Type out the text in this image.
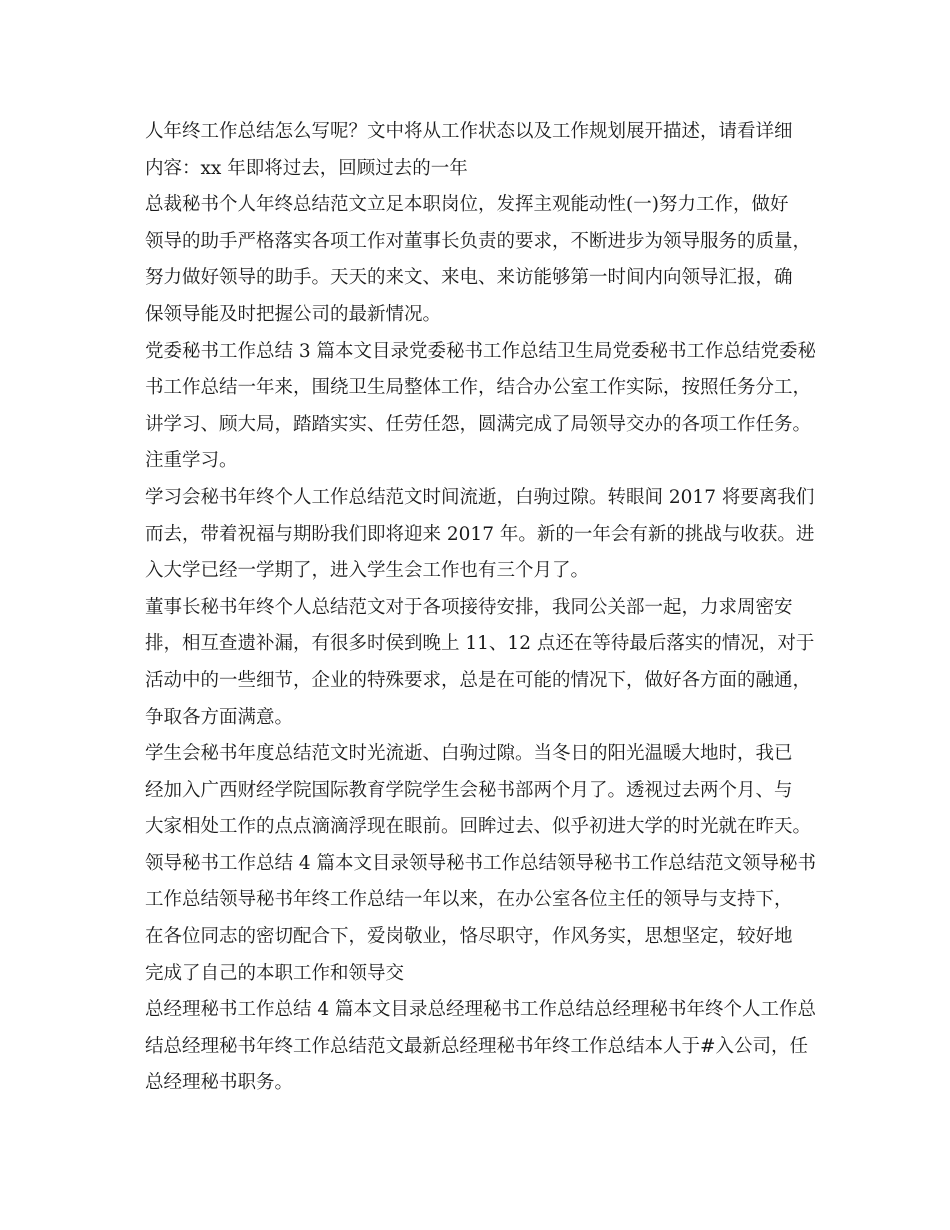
人年终工作总结怎么写呢？文中将从工作状态以及工作规划展开描述，请看详细
内容：xx 年即将过去，回顾过去的一年
总裁秘书个人年终总结范文立足本职岗位，发挥主观能动性(一)努力工作，做好
领导的助手严格落实各项工作对董事长负责的要求，不断进步为领导服务的质量，
努力做好领导的助手。天天的来文、来电、来访能够第一时间内向领导汇报，确
保领导能及时把握公司的最新情况。
党委秘书工作总结 3 篇本文目录党委秘书工作总结卫生局党委秘书工作总结党委秘
书工作总结一年来，围绕卫生局整体工作，结合办公室工作实际，按照任务分工，
讲学习、顾大局，踏踏实实、任劳任怨，圆满完成了局领导交办的各项工作任务。
注重学习。
学习会秘书年终个人工作总结范文时间流逝，白驹过隙。转眼间 2017 将要离我们
而去，带着祝福与期盼我们即将迎来 2017 年。新的一年会有新的挑战与收获。进
入大学已经一学期了，进入学生会工作也有三个月了。
董事长秘书年终个人总结范文对于各项接待安排，我同公关部一起，力求周密安
排，相互查遗补漏，有很多时侯到晚上 11、12 点还在等待最后落实的情况，对于
活动中的一些细节，企业的特殊要求，总是在可能的情况下，做好各方面的融通，
争取各方面满意。
学生会秘书年度总结范文时光流逝、白驹过隙。当冬日的阳光温暖大地时，我已
经加入广西财经学院国际教育学院学生会秘书部两个月了。透视过去两个月、与
大家相处工作的点点滴滴浮现在眼前。回眸过去、似乎初进大学的时光就在昨天。
领导秘书工作总结 4 篇本文目录领导秘书工作总结领导秘书工作总结范文领导秘书
工作总结领导秘书年终工作总结一年以来，在办公室各位主任的领导与支持下，
在各位同志的密切配合下，爱岗敬业，恪尽职守，作风务实，思想坚定，较好地
完成了自己的本职工作和领导交
总经理秘书工作总结 4 篇本文目录总经理秘书工作总结总经理秘书年终个人工作总
结总经理秘书年终工作总结范文最新总经理秘书年终工作总结本人于#入公司，任
总经理秘书职务。
